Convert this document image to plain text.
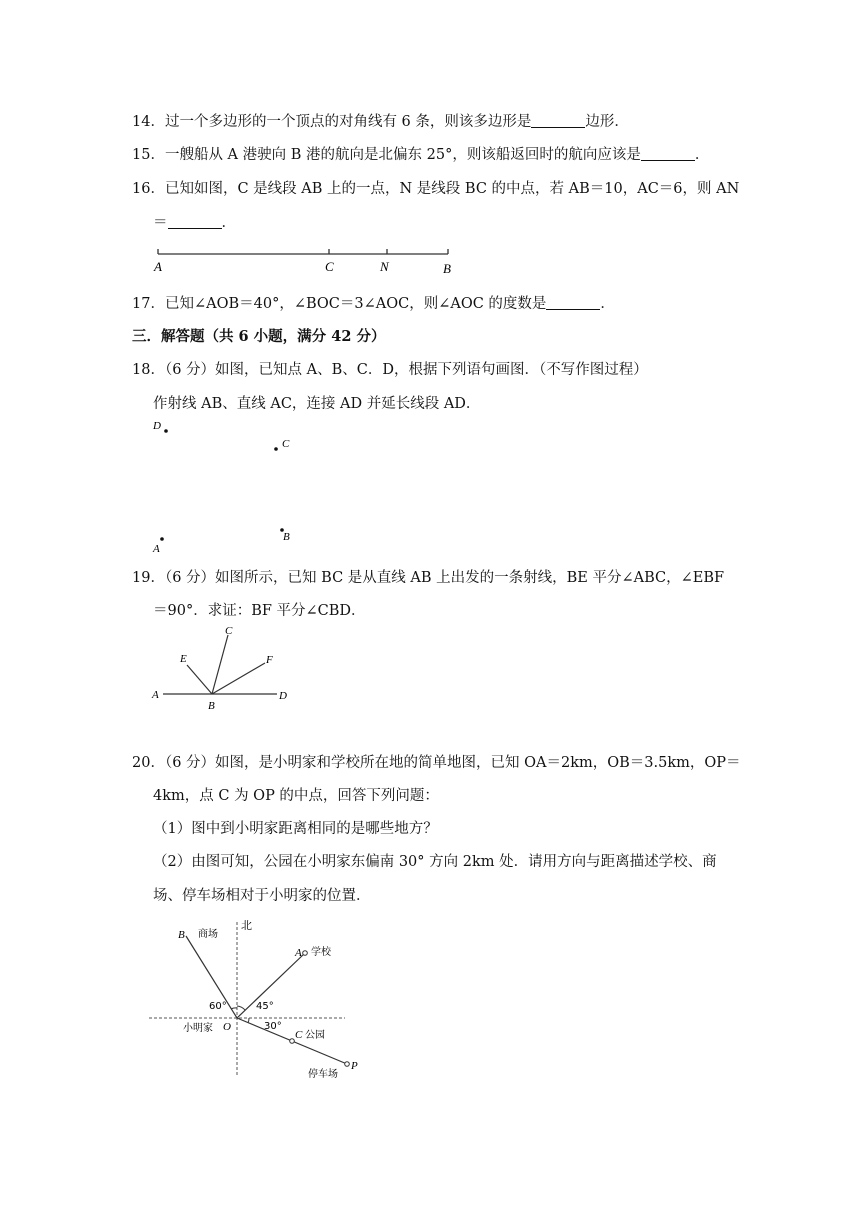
14．过一个多边形的一个顶点的对角线有 6 条，则该多边形是	边形．
15．一艘船从 A 港驶向 B 港的航向是北偏东 25°，则该船返回时的航向应该是	．
16．已知如图，C 是线段 AB 上的一点，N 是线段 BC 的中点，若 AB＝10，AC＝6，则 AN
＝	．
A	C	N	B
17．已知∠AOB＝40°，∠BOC＝3∠AOC，则∠AOC 的度数是	．
三．解答题（共 6 小题，满分 42 分）
18．（6 分）如图，已知点 A、B、C．D，根据下列语句画图．（不写作图过程）
作射线 AB、直线 AC，连接 AD 并延长线段 AD．
D
C
A
B
19．（6 分）如图所示，已知 BC 是从直线 AB 上出发的一条射线，BE 平分∠ABC，∠EBF
＝90°．求证：BF 平分∠CBD．
C
E	F
A
B
D
20．（6 分）如图，是小明家和学校所在地的简单地图，已知 OA＝2km，OB＝3.5km，OP＝
4km，点 C 为 OP 的中点，回答下列问题：
（1）图中到小明家距离相同的是哪些地方？
（2）由图可知，公园在小明家东偏南 30° 方向 2km 处．请用方向与距离描述学校、商
场、停车场相对于小明家的位置．
北
B 商场
A 学校
60°	45°
30°
小明家 O
C 公园
停车场
P
